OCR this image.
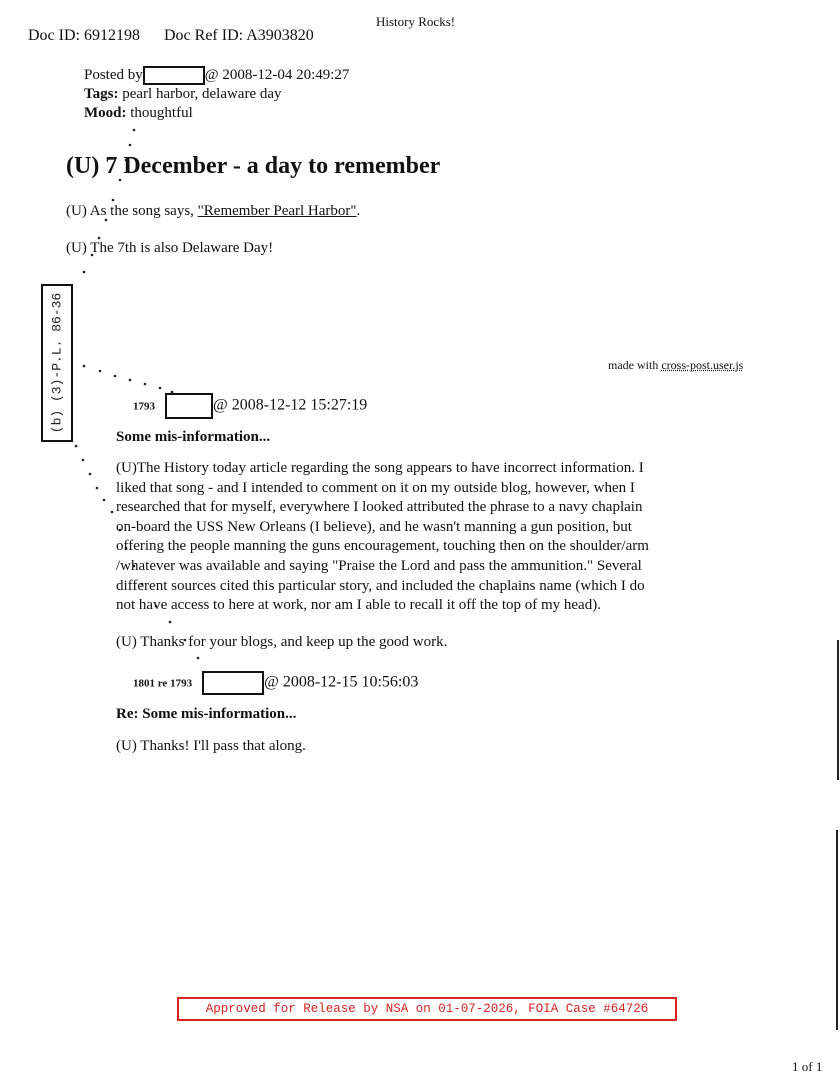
Doc ID: 6912198 Doc Ref ID: A3903820
History Rocks!
Posted by	@ 2008-12-04 20:49:27
Tags: pearl harbor, delaware day
Mood: thoughtful
(U) 7 December - a day to remember
(U) As the song says, "Remember Pearl Harbor".
(U) The 7th is also Delaware Day!
(b) (3)-P.L. 86-36	made with cross-post.user.js
1793	@ 2008-12-12 15:27:19
Some mis-information...
(U)The History today article regarding the song appears to have incorrect information. I
liked that song - and I intended to comment on it on my outside blog, however, when I
researched that for myself, everywhere I looked attributed the phrase to a navy chaplain
on-board the USS New Orleans (I believe), and he wasn't manning a gun position, but
offering the people manning the guns encouragement, touching then on the shoulder/arm
/whatever was available and saying "Praise the Lord and pass the ammunition." Several
different sources cited this particular story, and included the chaplains name (which I do
not have access to here at work, nor am I able to recall it off the top of my head).
(U) Thanks for your blogs, and keep up the good work.
1801 re 1793	@ 2008-12-15 10:56:03
Re: Some mis-information...
(U) Thanks! I'll pass that along.
Approved for Release by NSA on 01-07-2026, FOIA Case #64726
1 of 1
